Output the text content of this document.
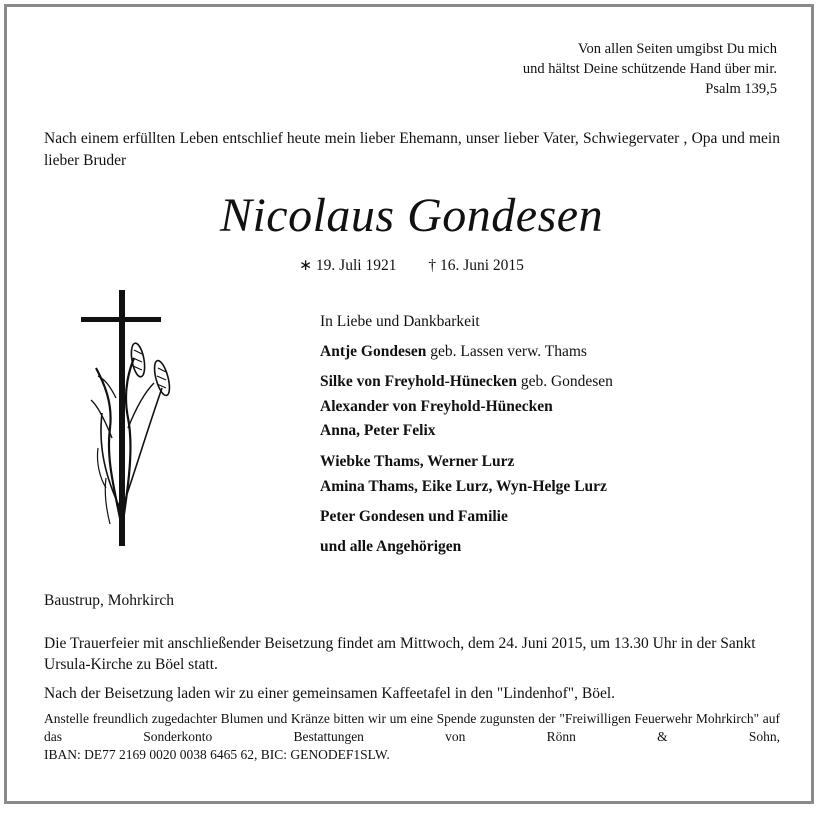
Von allen Seiten umgibst Du mich
und hältst Deine schützende Hand über mir.
Psalm 139,5
Nach einem erfüllten Leben entschlief heute mein lieber Ehemann, unser lieber Vater, Schwiegervater , Opa und mein lieber Bruder
Nicolaus Gondesen
∗ 19. Juli 1921 † 16. Juni 2015
In Liebe und Dankbarkeit
Antje Gondesen geb. Lassen verw. Thams
Silke von Freyhold-Hünecken geb. Gondesen
Alexander von Freyhold-Hünecken
Anna, Peter Felix
Wiebke Thams, Werner Lurz
Amina Thams, Eike Lurz, Wyn-Helge Lurz
Peter Gondesen und Familie
und alle Angehörigen
Baustrup, Mohrkirch
Die Trauerfeier mit anschließender Beisetzung findet am Mittwoch, dem 24. Juni 2015, um 13.30 Uhr in der Sankt Ursula-Kirche zu Böel statt.
Nach der Beisetzung laden wir zu einer gemeinsamen Kaffeetafel in den "Lindenhof", Böel.
Anstelle freundlich zugedachter Blumen und Kränze bitten wir um eine Spende zugunsten der "Freiwilligen Feuerwehr Mohrkirch" auf das Sonderkonto Bestattungen von Rönn & Sohn,
IBAN: DE77 2169 0020 0038 6465 62, BIC: GENODEF1SLW.
